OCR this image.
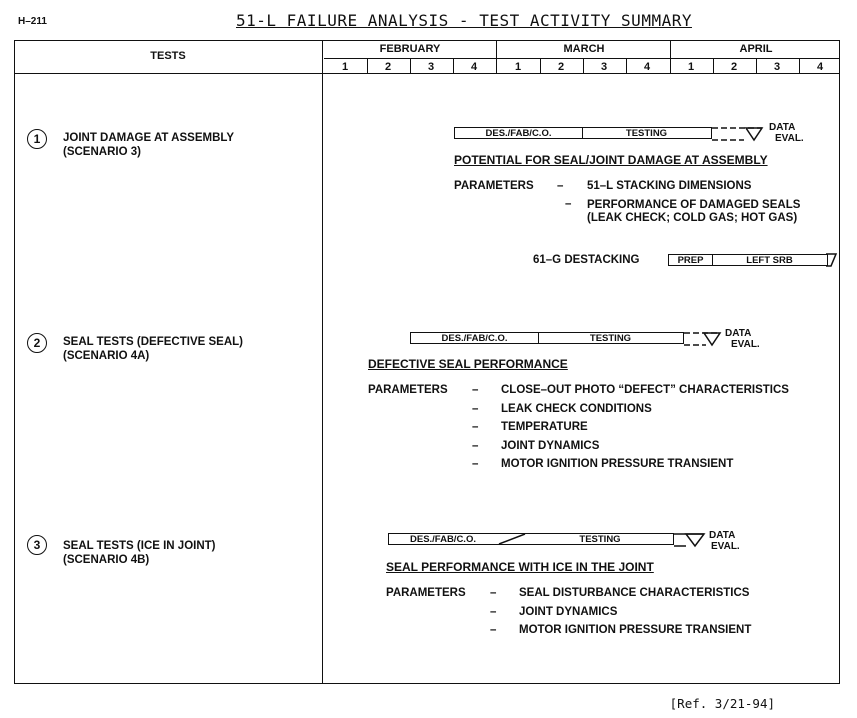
H–211	51-L FAILURE ANALYSIS - TEST ACTIVITY SUMMARY
TESTS
FEBRUARY	MARCH	APRIL
1	2	3	4	1	2	3	4	1	2	3	4
1	JOINT DAMAGE AT ASSEMBLY
(SCENARIO 3)
DES./FAB/C.O.	TESTING	DATA
EVAL.
POTENTIAL FOR SEAL/JOINT DAMAGE AT ASSEMBLY
PARAMETERS – 51–L STACKING DIMENSIONS
– PERFORMANCE OF DAMAGED SEALS
(LEAK CHECK; COLD GAS; HOT GAS)
61–G DESTACKING	PREP	LEFT SRB
2	SEAL TESTS (DEFECTIVE SEAL)
(SCENARIO 4A)
DES./FAB/C.O.	TESTING	DATA
EVAL.
DEFECTIVE SEAL PERFORMANCE
PARAMETERS – CLOSE–OUT PHOTO “DEFECT” CHARACTERISTICS
– LEAK CHECK CONDITIONS
– TEMPERATURE
– JOINT DYNAMICS
– MOTOR IGNITION PRESSURE TRANSIENT
3	SEAL TESTS (ICE IN JOINT)
(SCENARIO 4B)
DES./FAB/C.O.	TESTING	DATA
EVAL.
SEAL PERFORMANCE WITH ICE IN THE JOINT
PARAMETERS – SEAL DISTURBANCE CHARACTERISTICS
– JOINT DYNAMICS
– MOTOR IGNITION PRESSURE TRANSIENT
[Ref. 3/21-94]
